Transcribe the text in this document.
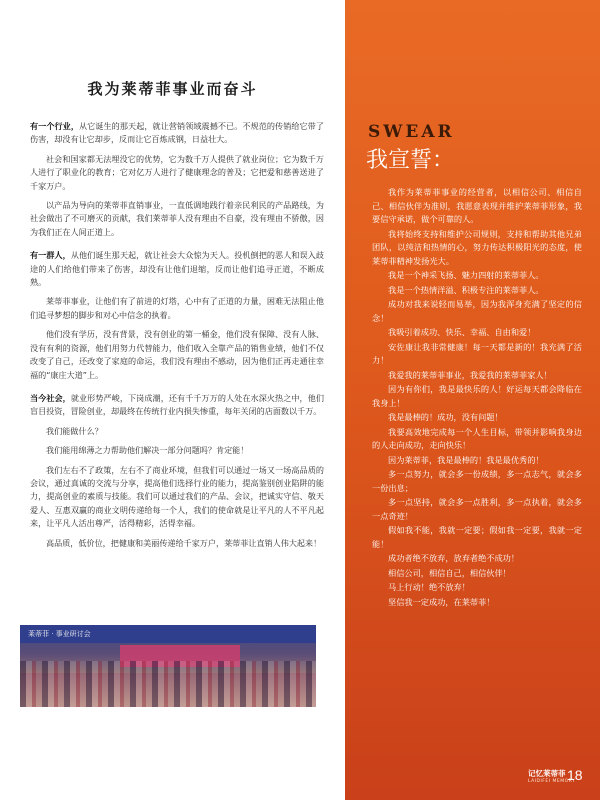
我为莱蒂菲事业而奋斗

有一个行业，从它诞生的那天起，就让营销领域震撼不已。不规范的传销给它带了伤害，却没有让它却步，反而让它百炼成钢，日益壮大。

社会和国家都无法埋没它的优势，它为数千万人提供了就业岗位；它为数千万人进行了职业化的教育；它对亿万人进行了健康理念的普及；它把爱和慈善送进了千家万户。

以产品为导向的莱蒂菲直销事业，一直低调地践行着亲民利民的产品路线，为社会做出了不可磨灭的贡献，我们莱蒂菲人没有理由不自豪，没有理由不骄傲，因为我们正在人间正道上。

有一群人，从他们诞生那天起，就让社会大众惊为天人。投机倒把的恶人和误入歧途的人们给他们带来了伤害，却没有让他们退缩，反而让他们追寻正道，不断成熟。

莱蒂菲事业，让他们有了前进的灯塔，心中有了正道的力量，困难无法阻止他们追寻梦想的脚步和对心中信念的执着。

他们没有学历，没有背景，没有创业的第一桶金，他们没有保障、没有人脉、没有有利的资源，他们用努力代替能力，他们收入全靠产品的销售业绩，他们不仅改变了自己，还改变了家庭的命运，我们没有理由不感动，因为他们正再走通往幸福的“康庄大道”上。

当今社会，就业形势严峻，下岗成潮，还有千千万万的人处在水深火热之中，他们盲目投资，冒险创业，却最终在传统行业内损失惨重，每年关闭的店面数以千万。

我们能做什么？

我们能用绵薄之力帮助他们解决一部分问题吗？肯定能！

我们左右不了政策，左右不了商业环境，但我们可以通过一场又一场高品质的会议，通过真诚的交流与分享，提高他们选择行业的能力，提高鉴别创业陷阱的能力，提高创业的素质与技能。我们可以通过我们的产品、会议，把诚实守信、敬天爱人、互惠双赢的商业文明传递给每一个人，我们的使命就是让平凡的人不平凡起来，让平凡人活出尊严，活得精彩，活得幸福。

高品质，低价位，把健康和美丽传递给千家万户，莱蒂菲让直销人伟大起来！

莱蒂菲 · 事业研讨会
SWEAR
我宣誓：

我作为莱蒂菲事业的经营者，以相信公司、相信自己、相信伙伴为准则，我愿意表现并维护莱蒂菲形象，我要信守承诺，做个可靠的人。

我将始终支持和维护公司规则，支持和帮助其他兄弟团队，以纯洁和热情的心，努力传达积极阳光的态度，使莱蒂菲精神发扬光大。

我是一个神采飞扬、魅力四射的莱蒂菲人。

我是一个热情洋溢、积极专注的莱蒂菲人。

成功对我来说轻而易举，因为我浑身充满了坚定的信念！

我吸引着成功、快乐、幸福、自由和爱！

安佐康让我非常健康！每一天都是新的！我充满了活力！

我爱我的莱蒂菲事业，我爱我的莱蒂菲家人！

因为有你们，我是最快乐的人！好运每天都会降临在我身上！

我是最棒的！成功，没有问题！

我要高效地完成每一个人生目标，带领并影响我身边的人走向成功，走向快乐！

因为莱蒂菲，我是最棒的！我是最优秀的！

多一点努力，就会多一份成绩，多一点志气，就会多一份出息；

多一点坚持，就会多一点胜利，多一点执着，就会多一点奇迹！

假如我不能，我就一定要；假如我一定要，我就一定能！

成功者绝不放弃，放弃者绝不成功！

相信公司，相信自己，相信伙伴！

马上行动！绝不放弃！

坚信我一定成功，在莱蒂菲！

记忆莱蒂菲
LAIDIFEI MEMORY
18
